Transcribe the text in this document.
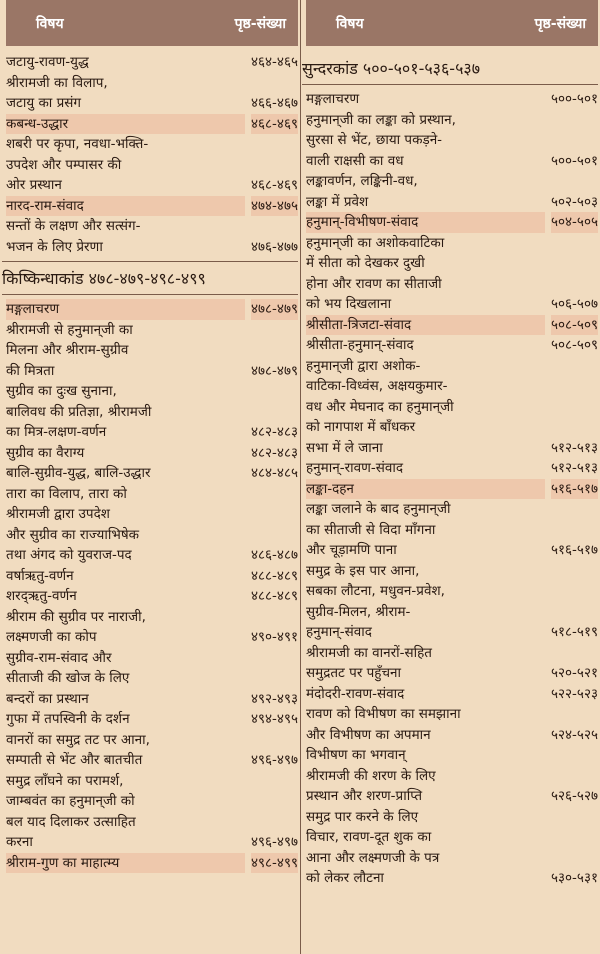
विषय	पृष्ठ-संख्या
जटायु-रावण-युद्ध	४६४-४६५
श्रीरामजी का विलाप,
जटायु का प्रसंग	४६६-४६७
कबन्ध-उद्धार	४६८-४६९
शबरी पर कृपा, नवधा-भक्ति-
उपदेश और पम्पासर की
ओर प्रस्थान	४६८-४६९
नारद-राम-संवाद	४७४-४७५
सन्तों के लक्षण और सत्संग-
भजन के लिए प्रेरणा	४७६-४७७
किष्किन्धाकांड ४७८-४७९-४९८-४९९
मङ्गलाचरण	४७८-४७९
श्रीरामजी से हनुमान्‌जी का
मिलना और श्रीराम-सुग्रीव
की मित्रता	४७८-४७९
सुग्रीव का दुःख सुनाना,
बालिवध की प्रतिज्ञा, श्रीरामजी
का मित्र-लक्षण-वर्णन	४८२-४८३
सुग्रीव का वैराग्य	४८२-४८३
बालि-सुग्रीव-युद्ध, बालि-उद्धार	४८४-४८५
तारा का विलाप, तारा को
श्रीरामजी द्वारा उपदेश
और सुग्रीव का राज्याभिषेक
तथा अंगद को युवराज-पद	४८६-४८७
वर्षाऋतु-वर्णन	४८८-४८९
शरद्ऋतु-वर्णन	४८८-४८९
श्रीराम की सुग्रीव पर नाराजी,
लक्ष्मणजी का कोप	४९०-४९१
सुग्रीव-राम-संवाद और
सीताजी की खोज के लिए
बन्दरों का प्रस्थान	४९२-४९३
गुफा में तपस्विनी के दर्शन	४९४-४९५
वानरों का समुद्र तट पर आना,
सम्पाती से भेंट और बातचीत	४९६-४९७
समुद्र लाँघने का परामर्श,
जाम्बवंत का हनुमान्‌जी को
बल याद दिलाकर उत्साहित
करना	४९६-४९७
श्रीराम-गुण का माहात्म्य	४९८-४९९
विषय	पृष्ठ-संख्या
सुन्दरकांड ५००-५०१-५३६-५३७
मङ्गलाचरण	५००-५०१
हनुमान्‌जी का लङ्का को प्रस्थान,
सुरसा से भेंट, छाया पकड़ने-
वाली राक्षसी का वध	५००-५०१
लङ्कावर्णन, लङ्किनी-वध,
लङ्का में प्रवेश	५०२-५०३
हनुमान्-विभीषण-संवाद	५०४-५०५
हनुमान्‌जी का अशोकवाटिका
में सीता को देखकर दुखी
होना और रावण का सीताजी
को भय दिखलाना	५०६-५०७
श्रीसीता-त्रिजटा-संवाद	५०८-५०९
श्रीसीता-हनुमान्-संवाद	५०८-५०९
हनुमान्‌जी द्वारा अशोक-
वाटिका-विध्वंस, अक्षयकुमार-
वध और मेघनाद का हनुमान्‌जी
को नागपाश में बाँधकर
सभा में ले जाना	५१२-५१३
हनुमान्-रावण-संवाद	५१२-५१३
लङ्का-दहन	५१६-५१७
लङ्का जलाने के बाद हनुमान्‌जी
का सीताजी से विदा माँगना
और चूड़ामणि पाना	५१६-५१७
समुद्र के इस पार आना,
सबका लौटना, मधुवन-प्रवेश,
सुग्रीव-मिलन, श्रीराम-
हनुमान्-संवाद	५१८-५१९
श्रीरामजी का वानरों-सहित
समुद्रतट पर पहुँचना	५२०-५२१
मंदोदरी-रावण-संवाद	५२२-५२३
रावण को विभीषण का समझाना
और विभीषण का अपमान	५२४-५२५
विभीषण का भगवान्
श्रीरामजी की शरण के लिए
प्रस्थान और शरण-प्राप्ति	५२६-५२७
समुद्र पार करने के लिए
विचार, रावण-दूत शुक का
आना और लक्ष्मणजी के पत्र
को लेकर लौटना	५३०-५३१
